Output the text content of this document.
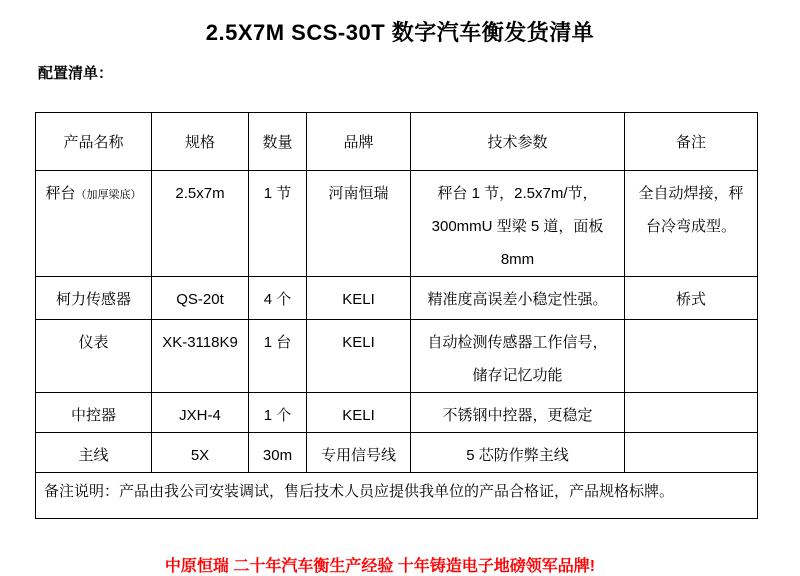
2.5X7M SCS-30T 数字汽车衡发货清单
配置清单：
产品名称	规格	数量	品牌	技术参数	备注
秤台（加厚梁底）	2.5x7m	1 节	河南恒瑞	秤台 1 节，2.5x7m/节，
300mmU 型梁 5 道，面板 8mm	全自动焊接，秤
台冷弯成型。

柯力传感器	QS-20t	4 个	KELI	精准度高误差小稳定性强。	桥式
仪表	XK-3118K9	1 台	KELI	自动检测传感器工作信号，
储存记忆功能	

中控器	JXH-4	1 个	KELI	不锈钢中控器，更稳定	
主线	5X	30m	专用信号线	5 芯防作弊主线	
备注说明：产品由我公司安装调试，售后技术人员应提供我单位的产品合格证，产品规格标牌。					
中原恒瑞 二十年汽车衡生产经验 十年铸造电子地磅领军品牌!
